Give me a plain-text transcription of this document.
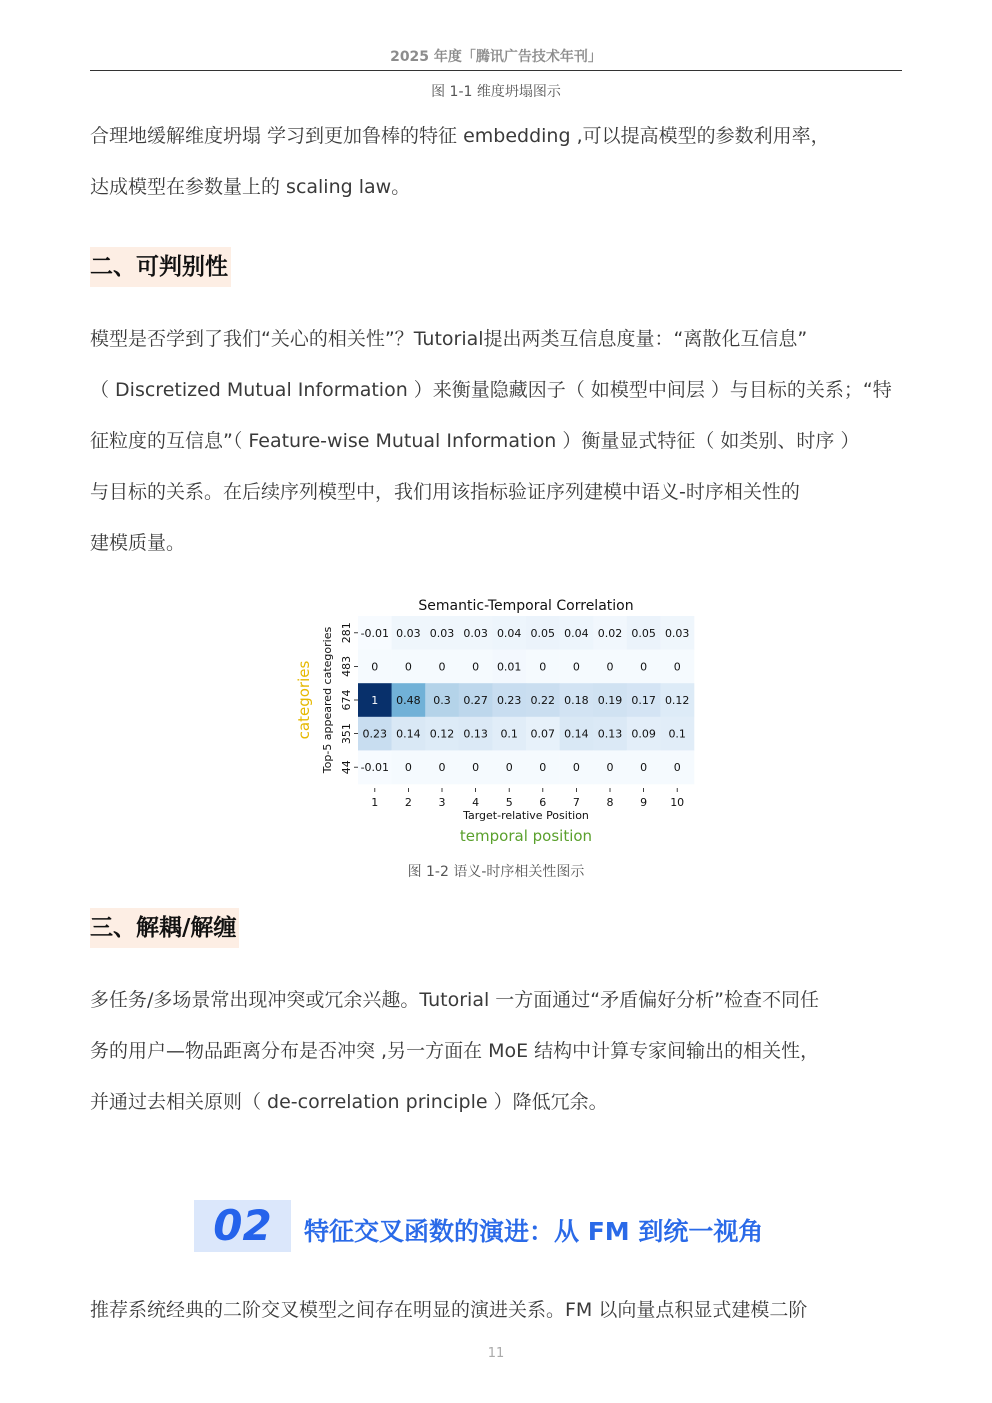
2025 年度「腾讯广告技术年刊」
图 1-1 维度坍塌图示
合理地缓解维度坍塌 学习到更加鲁棒的特征 embedding ,可以提高模型的参数利用率，
达成模型在参数量上的 scaling law。
二、可判别性
模型是否学到了我们“关心的相关性”？Tutorial提出两类互信息度量：“离散化互信息”
（ Discretized Mutual Information ）来衡量隐藏因子（ 如模型中间层 ）与目标的关系；“特
征粒度的互信息”（ Feature-wise Mutual Information ）衡量显式特征（ 如类别、时序 ）
与目标的关系。在后续序列模型中，我们用该指标验证序列建模中语义-时序相关性的
建模质量。
Semantic-Temporal Correlation
-0.01 0.03 0.03 0.03 0.04 0.05 0.04 0.02 0.05 0.03
0 0 0 0 0.01 0 0 0 0 0
1 0.48 0.3 0.27 0.23 0.22 0.18 0.19 0.17 0.12
0.23 0.14 0.12 0.13 0.1 0.07 0.14 0.13 0.09 0.1
-0.01 0 0 0 0 0 0 0 0 0
281
483
674
351
44
1 2 3 4 5 6 7 8 9 10
Top-5 appeared categories
categories
Target-relative Position
temporal position
图 1-2 语义-时序相关性图示
三、解耦/解缠
多任务/多场景常出现冲突或冗余兴趣。Tutorial 一方面通过“矛盾偏好分析”检查不同任
务的用户—物品距离分布是否冲突 ,另一方面在 MoE 结构中计算专家间输出的相关性，
并通过去相关原则（ de-correlation principle ）降低冗余。
02	特征交叉函数的演进：从 FM 到统一视角
推荐系统经典的二阶交叉模型之间存在明显的演进关系。FM 以向量点积显式建模二阶
11
